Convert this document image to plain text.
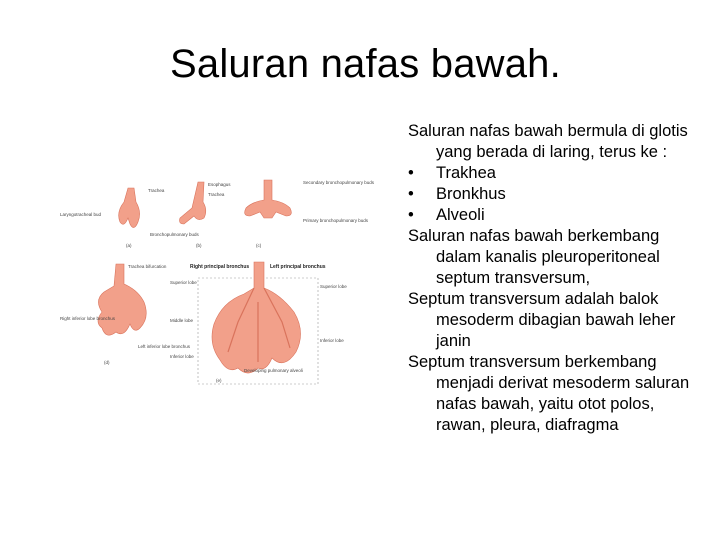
Saluran nafas bawah.
Trachea
Laryngotracheal bud
(a)
Esophagus
Trachea
Bronchopulmonary buds
(b)
Secondary bronchopulmonary buds
Primary bronchopulmonary buds
(c)
Trachea bifurcation
Superior lobe
Middle lobe
Right inferior lobe bronchus
Left inferior lobe bronchus
Inferior lobe
(d)
Right principal bronchus	Left principal bronchus
Superior lobe
Inferior lobe
Developing pulmonary alveoli
(e)

Saluran nafas bawah bermula di glotis yang berada di laring, terus ke :

• Trakhea

• Bronkhus

• Alveoli

Saluran nafas bawah berkembang dalam kanalis pleuroperitoneal septum transversum,

Septum transversum adalah balok mesoderm dibagian bawah leher janin

Septum transversum berkembang menjadi derivat mesoderm saluran nafas bawah, yaitu otot polos, rawan, pleura, diafragma
